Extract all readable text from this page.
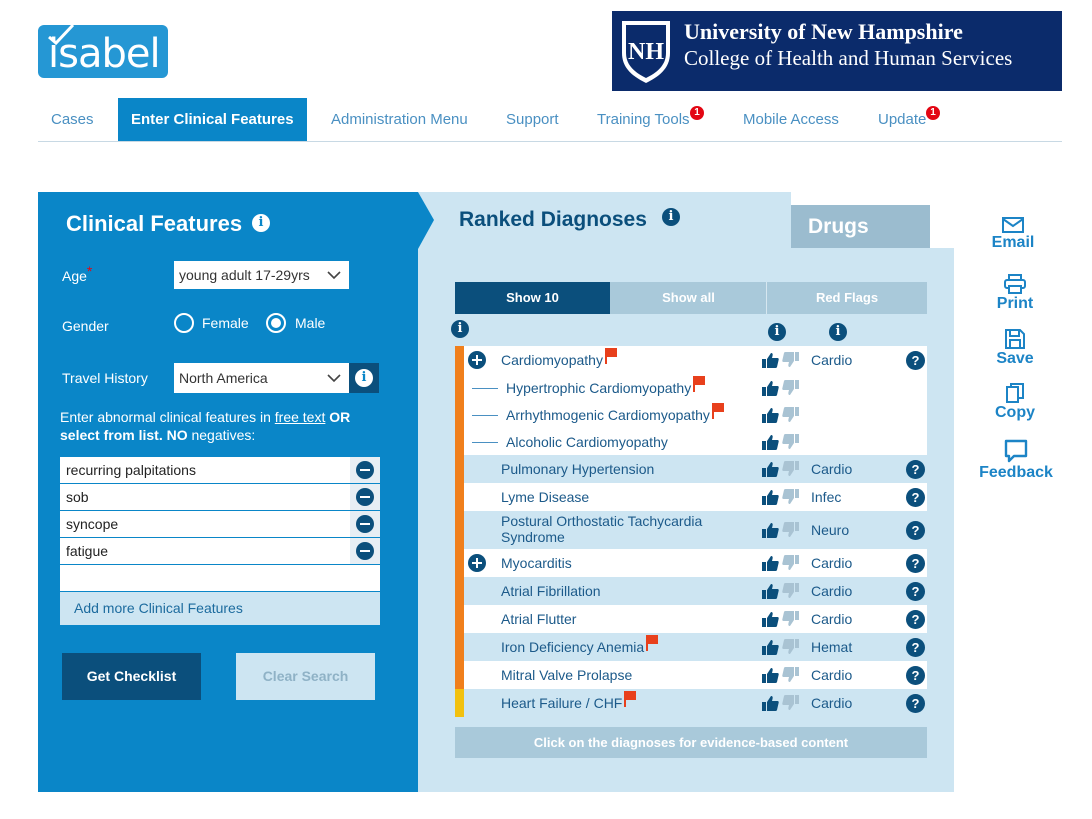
isabel	NH
University of New Hampshire
College of Health and Human Services
Cases	Enter Clinical Features	Administration Menu	Support	Training Tools 1	Mobile Access	Update 1
Clinical Features	i
Age*	young adult 17-29yrs
Gender	Female	Male
Travel History	North America	i
Enter abnormal clinical features in free text OR select from list. NO negatives:
recurring palpitations
sob
syncope
fatigue
Add more Clinical Features
Get Checklist	Clear Search
Ranked Diagnoses	i	Drugs
Show 10	Show all	Red Flags
i	i	i
Cardiomyopathy	Cardio	?
Hypertrophic Cardiomyopathy
Arrhythmogenic Cardiomyopathy
Alcoholic Cardiomyopathy
Pulmonary Hypertension	Cardio	?
Lyme Disease	Infec	?
Postural Orthostatic Tachycardia Syndrome	Neuro	?
Myocarditis	Cardio	?
Atrial Fibrillation	Cardio	?
Atrial Flutter	Cardio	?
Iron Deficiency Anemia	Hemat	?
Mitral Valve Prolapse	Cardio	?
Heart Failure / CHF	Cardio	?
Click on the diagnoses for evidence-based content
Email
Print
Save
Copy
Feedback
